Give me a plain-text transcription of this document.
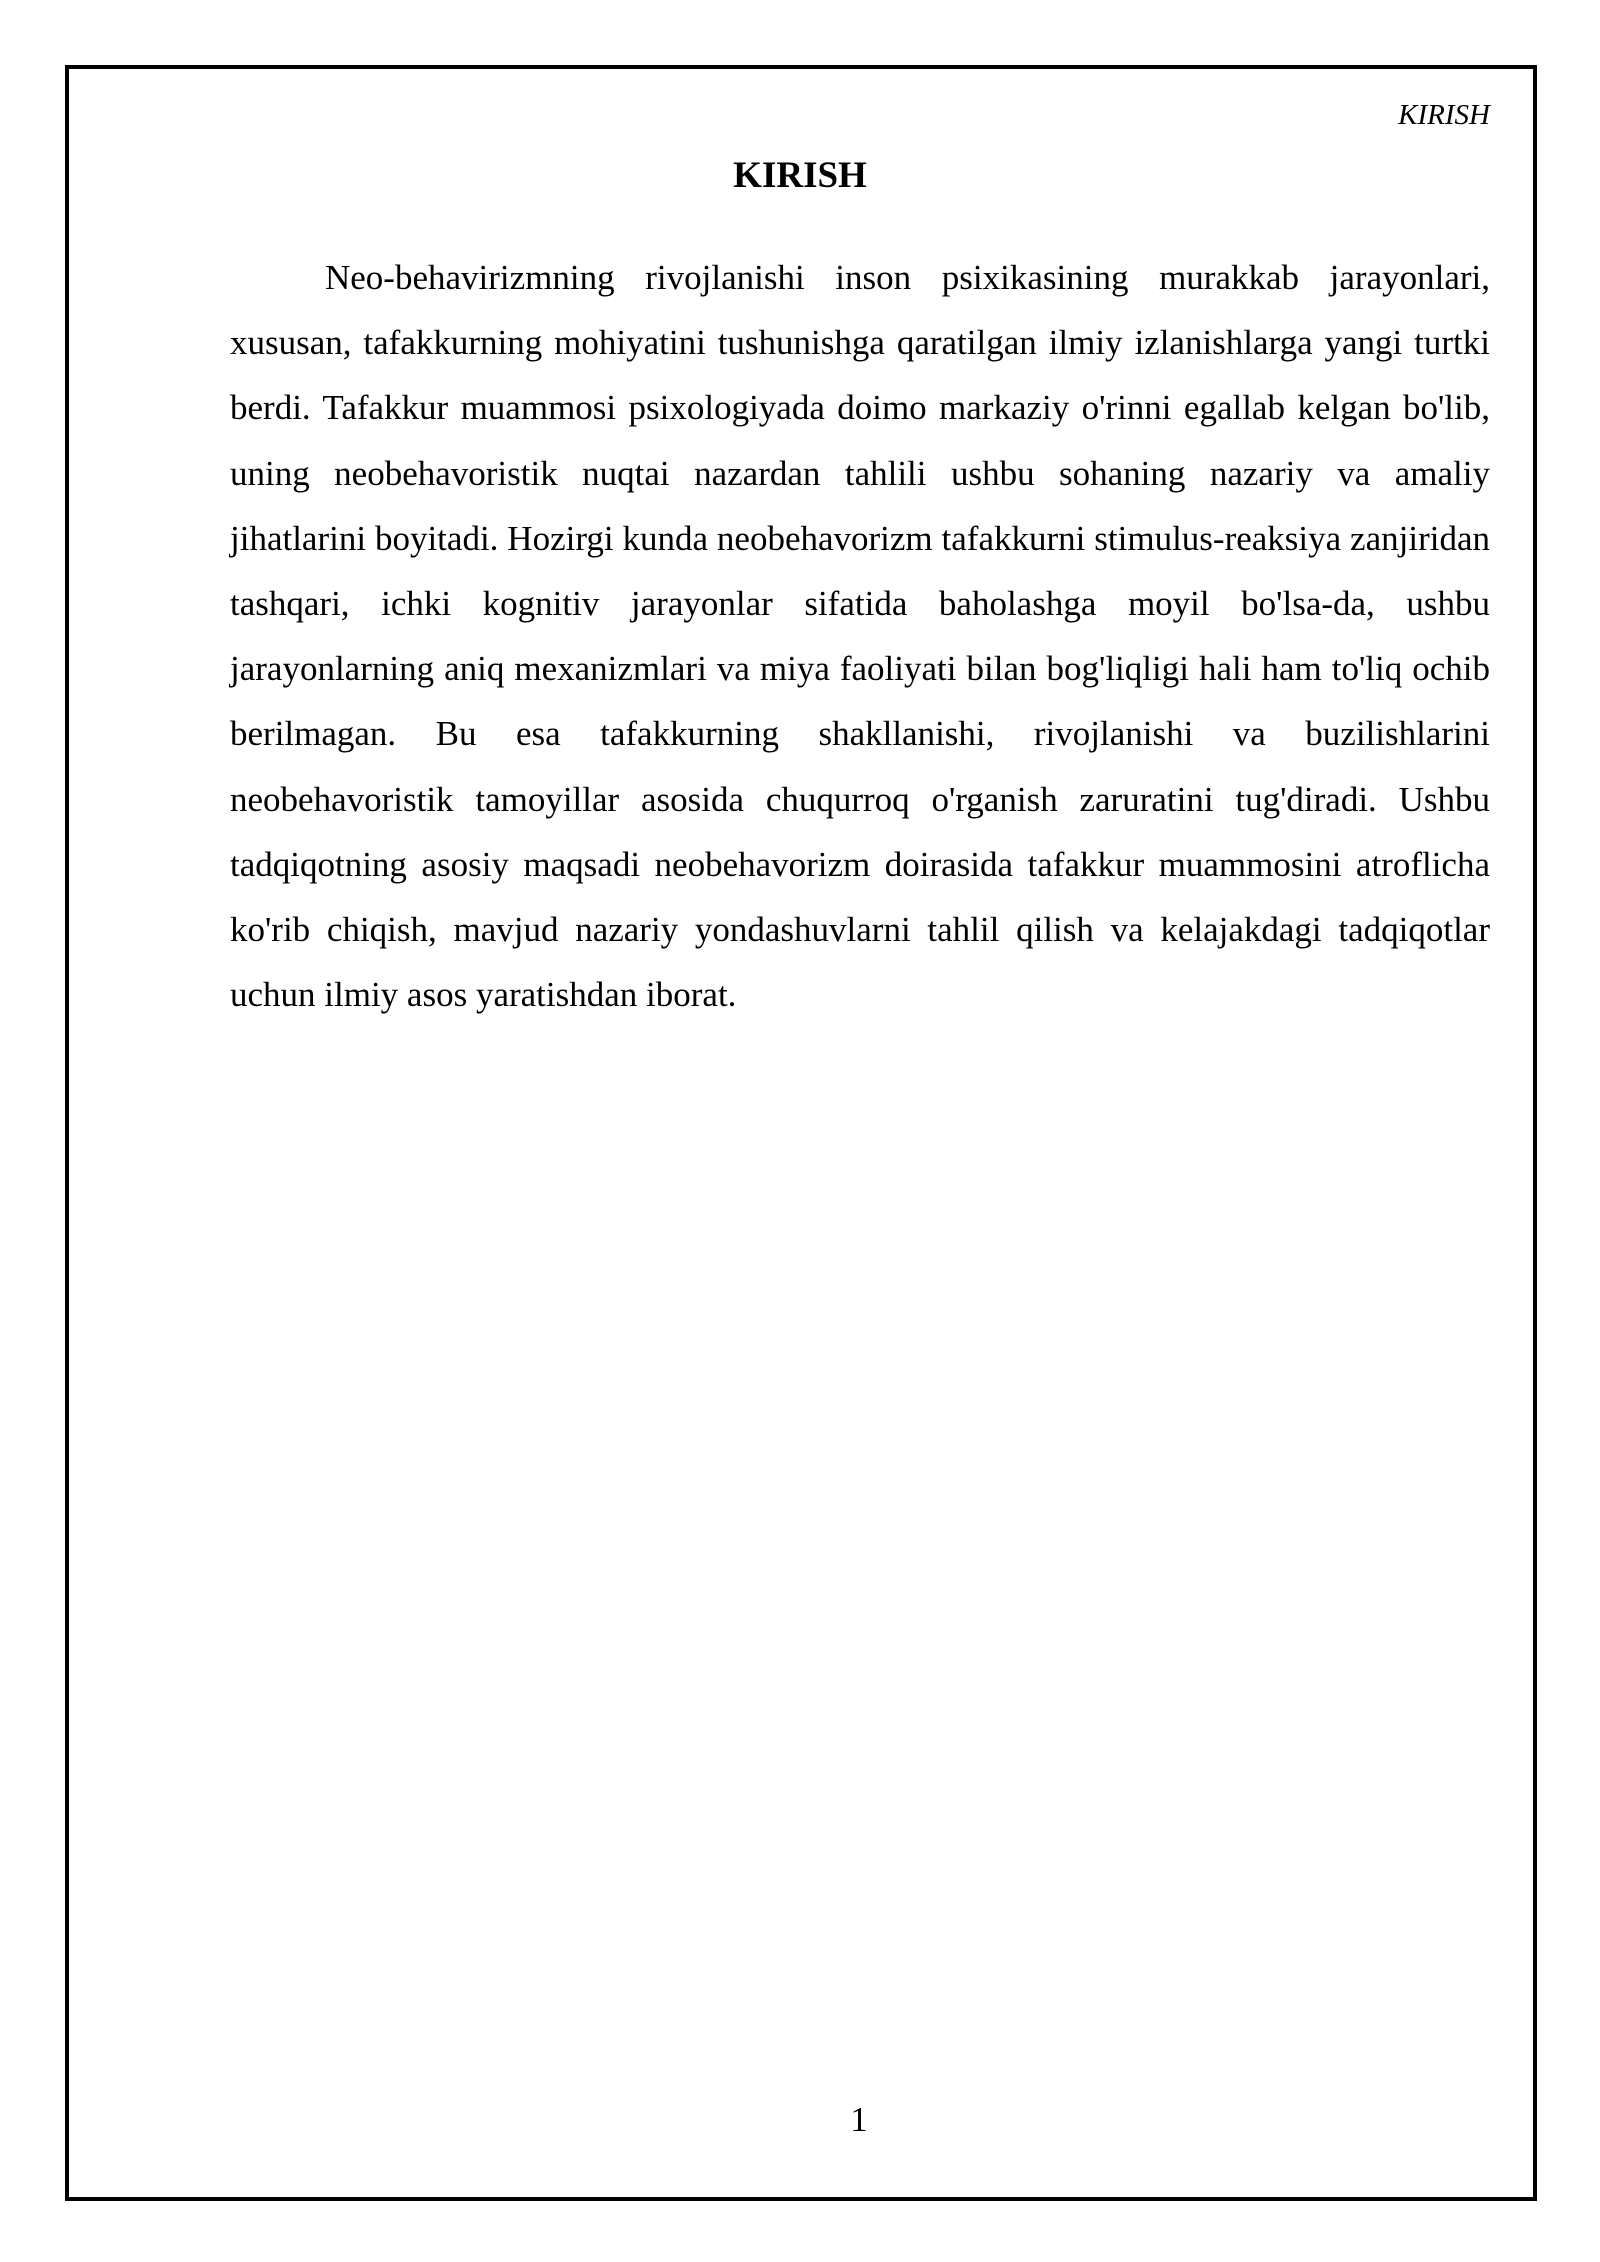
KIRISH
KIRISH

Neo-behavirizmning rivojlanishi inson psixikasining murakkab jarayonlari, xususan, tafakkurning mohiyatini tushunishga qaratilgan ilmiy izlanishlarga yangi turtki berdi. Tafakkur muammosi psixologiyada doimo markaziy o'rinni egallab kelgan bo'lib, uning neobehavoristik nuqtai nazardan tahlili ushbu sohaning nazariy va amaliy jihatlarini boyitadi. Hozirgi kunda neobehavorizm tafakkurni stimulus-reaksiya zanjiridan tashqari, ichki kognitiv jarayonlar sifatida baholashga moyil bo'lsa-da, ushbu jarayonlarning aniq mexanizmlari va miya faoliyati bilan bog'liqligi hali ham to'liq ochib berilmagan. Bu esa tafakkurning shakllanishi, rivojlanishi va buzilishlarini neobehavoristik tamoyillar asosida chuqurroq o'rganish zaruratini tug'diradi. Ushbu tadqiqotning asosiy maqsadi neobehavorizm doirasida tafakkur muammosini atroflicha ko'rib chiqish, mavjud nazariy yondashuvlarni tahlil qilish va kelajakdagi tadqiqotlar uchun ilmiy asos yaratishdan iborat.

1
